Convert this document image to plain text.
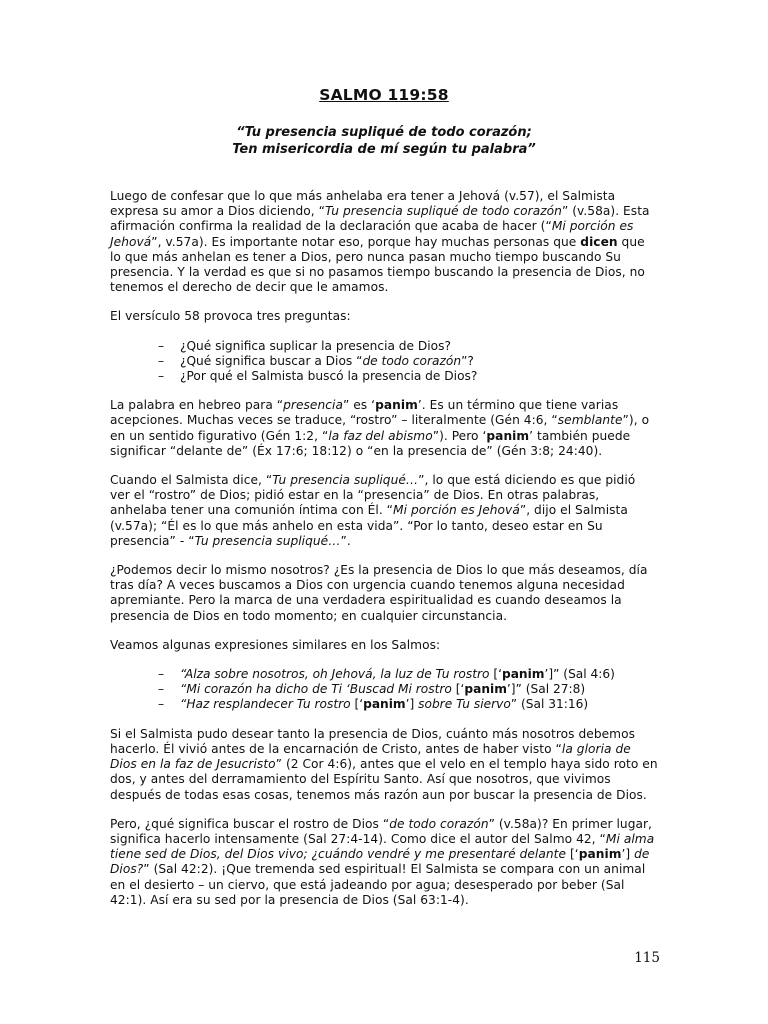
SALMO 119:58
“Tu presencia supliqué de todo corazón;
Ten misericordia de mí según tu palabra”

Luego de confesar que lo que más anhelaba era tener a Jehová (v.57), el Salmista expresa su amor a Dios diciendo, “Tu presencia supliqué de todo corazón” (v.58a). Esta afirmación confirma la realidad de la declaración que acaba de hacer (“Mi porción es Jehová”, v.57a). Es importante notar eso, porque hay muchas personas que dicen que lo que más anhelan es tener a Dios, pero nunca pasan mucho tiempo buscando Su presencia. Y la verdad es que si no pasamos tiempo buscando la presencia de Dios, no tenemos el derecho de decir que le amamos.

El versículo 58 provoca tres preguntas:

– ¿Qué significa suplicar la presencia de Dios?
– ¿Qué significa buscar a Dios “de todo corazón”?
– ¿Por qué el Salmista buscó la presencia de Dios?

La palabra en hebreo para “presencia” es ‘panim’. Es un término que tiene varias acepciones. Muchas veces se traduce, “rostro” – literalmente (Gén 4:6, “semblante”), o en un sentido figurativo (Gén 1:2, “la faz del abismo”). Pero ‘panim’ también puede significar “delante de” (Éx 17:6; 18:12) o “en la presencia de” (Gén 3:8; 24:40).

Cuando el Salmista dice, “Tu presencia supliqué…”, lo que está diciendo es que pidió ver el “rostro” de Dios; pidió estar en la “presencia” de Dios. En otras palabras, anhelaba tener una comunión íntima con Él. “Mi porción es Jehová”, dijo el Salmista (v.57a); “Él es lo que más anhelo en esta vida”. “Por lo tanto, deseo estar en Su presencia” - “Tu presencia supliqué…”.

¿Podemos decir lo mismo nosotros? ¿Es la presencia de Dios lo que más deseamos, día tras día? A veces buscamos a Dios con urgencia cuando tenemos alguna necesidad apremiante. Pero la marca de una verdadera espiritualidad es cuando deseamos la presencia de Dios en todo momento; en cualquier circunstancia.

Veamos algunas expresiones similares en los Salmos:

– “Alza sobre nosotros, oh Jehová, la luz de Tu rostro [‘panim’]” (Sal 4:6)
– “Mi corazón ha dicho de Ti ‘Buscad Mi rostro [‘panim’]” (Sal 27:8)
– “Haz resplandecer Tu rostro [‘panim’] sobre Tu siervo” (Sal 31:16)

Si el Salmista pudo desear tanto la presencia de Dios, cuánto más nosotros debemos hacerlo. Él vivió antes de la encarnación de Cristo, antes de haber visto “la gloria de Dios en la faz de Jesucristo” (2 Cor 4:6), antes que el velo en el templo haya sido roto en dos, y antes del derramamiento del Espíritu Santo. Así que nosotros, que vivimos después de todas esas cosas, tenemos más razón aun por buscar la presencia de Dios.

Pero, ¿qué significa buscar el rostro de Dios “de todo corazón” (v.58a)? En primer lugar, significa hacerlo intensamente (Sal 27:4-14). Como dice el autor del Salmo 42, “Mi alma tiene sed de Dios, del Dios vivo; ¿cuándo vendré y me presentaré delante [‘panim’] de Dios?” (Sal 42:2). ¡Que tremenda sed espiritual! El Salmista se compara con un animal en el desierto – un ciervo, que está jadeando por agua; desesperado por beber (Sal 42:1). Así era su sed por la presencia de Dios (Sal 63:1-4).

115
